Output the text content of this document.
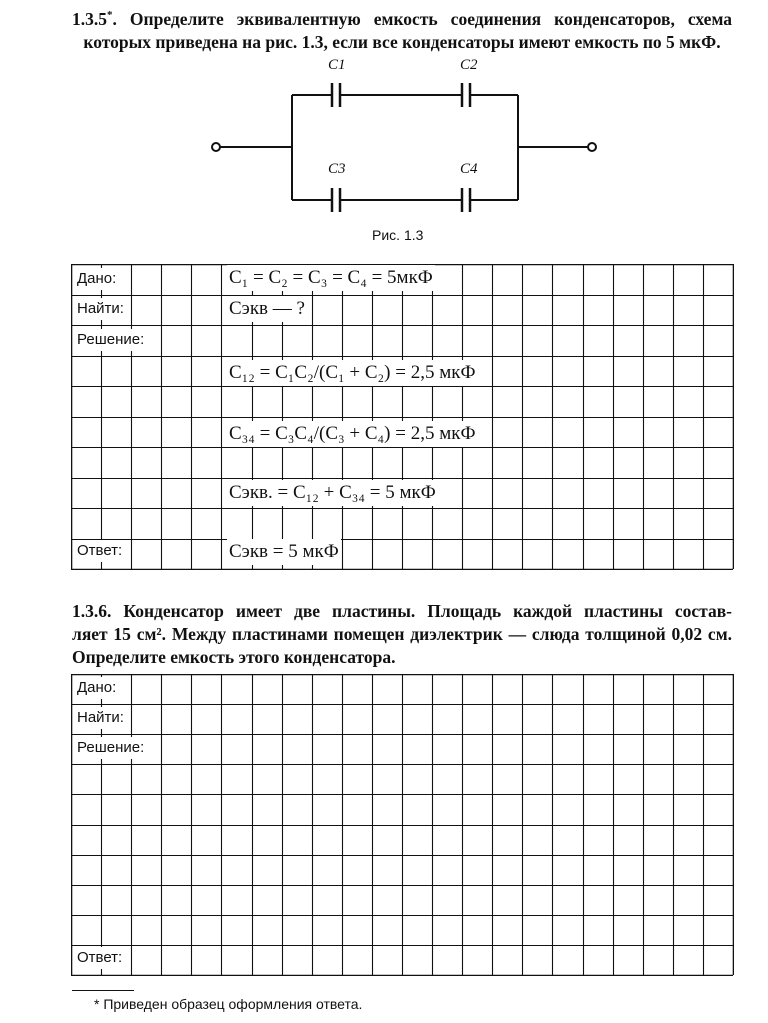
1.3.5*. Определите эквивалентную емкость соединения конденсаторов, схема
которых приведена на рис. 1.3, если все конденсаторы имеют емкость по 5 мкФ.
C1	C2
C3	C4
Рис. 1.3
Дано:
Найти:
Решение:
Ответ:
C₁ = C₂ = C₃ = C₄ = 5мкФ
Cэкв — ?
C₁₂ = C₁C₂/(C₁ + C₂) = 2,5 мкФ
C₃₄ = C₃C₄/(C₃ + C₄) = 2,5 мкФ
Cэкв. = C₁₂ + C₃₄ = 5 мкФ
Cэкв = 5 мкФ
1.3.6. Конденсатор имеет две пластины. Площадь каждой пластины состав-
ляет 15 см². Между пластинами помещен диэлектрик — слюда толщиной 0,02 см.
Определите емкость этого конденсатора.
Дано:
Найти:
Решение:
Ответ:
* Приведен образец оформления ответа.
